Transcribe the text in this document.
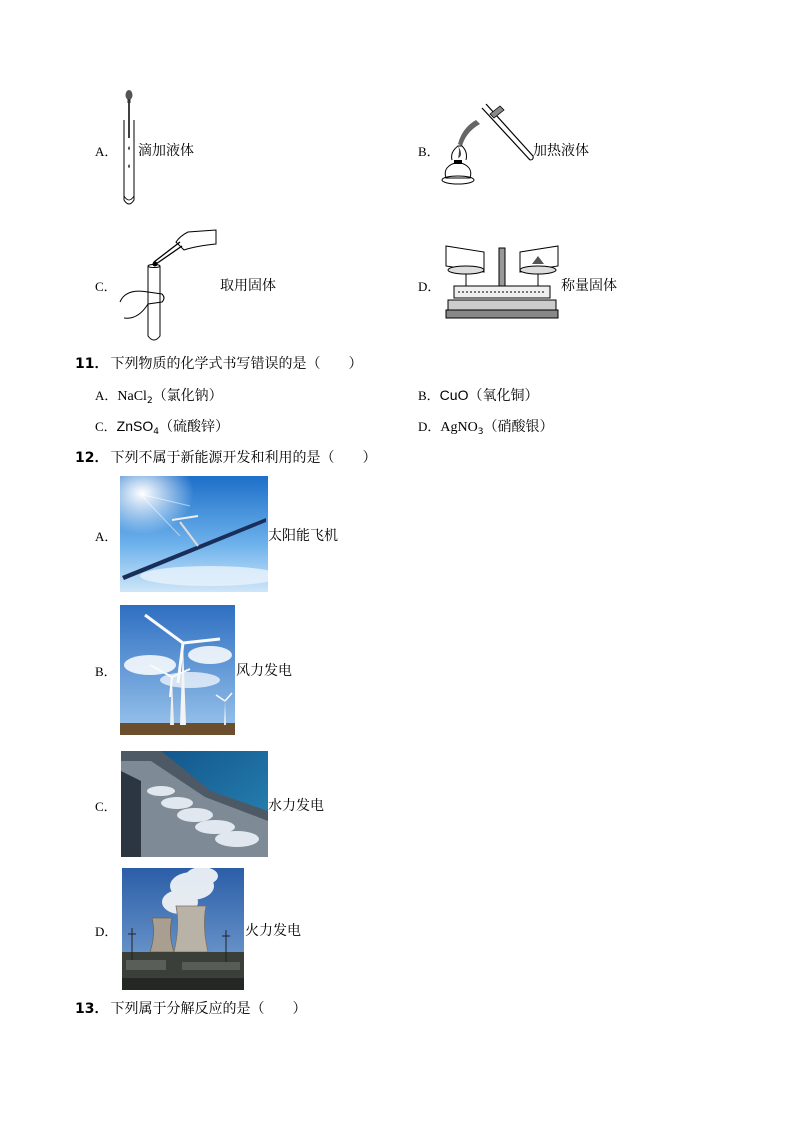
A． 滴加液体	B．	加热液体
C．	取用固体	D．	称量固体
11． 下列物质的化学式书写错误的是（　　）
A．NaCl$_2$（氯化钠）	B．CuO（氧化铜）
C．ZnSO$_4$（硫酸锌）	D．AgNO$_3$（硝酸银）
12． 下列不属于新能源开发和利用的是（　　）
A．	太阳能飞机
B．	风力发电
C．	水力发电
D．	火力发电
13． 下列属于分解反应的是（　　）
